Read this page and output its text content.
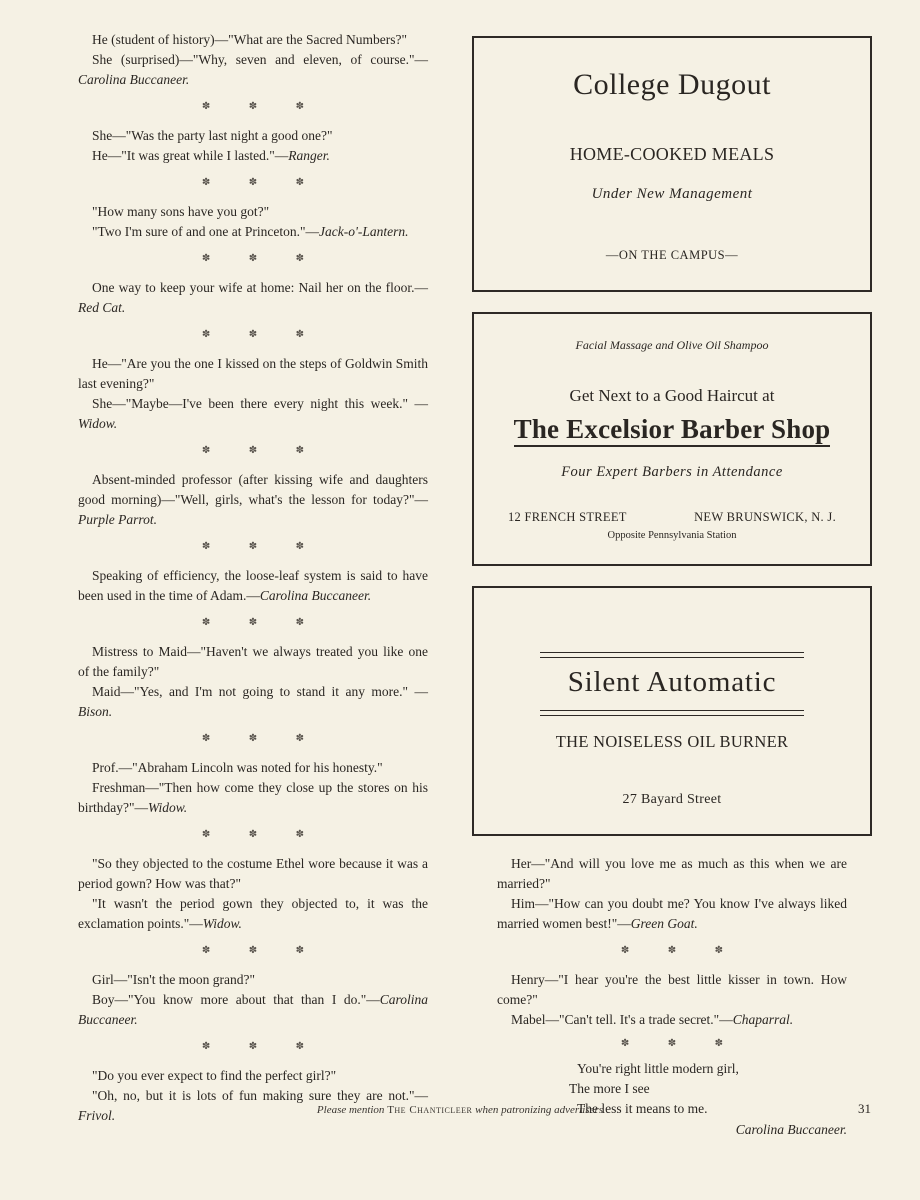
He (student of history)—"What are the Sacred Numbers?"

She (surprised)—"Why, seven and eleven, of course."—Carolina Buccaneer.

✽ ✽ ✽

She—"Was the party last night a good one?"

He—"It was great while I lasted."—Ranger.

✽ ✽ ✽

"How many sons have you got?"

"Two I'm sure of and one at Princeton."—Jack-o'-Lantern.

✽ ✽ ✽

One way to keep your wife at home: Nail her on the floor.—Red Cat.

✽ ✽ ✽

He—"Are you the one I kissed on the steps of Goldwin Smith last evening?"

She—"Maybe—I've been there every night this week." —Widow.

✽ ✽ ✽

Absent-minded professor (after kissing wife and daughters good morning)—"Well, girls, what's the lesson for today?"—Purple Parrot.

✽ ✽ ✽

Speaking of efficiency, the loose-leaf system is said to have been used in the time of Adam.—Carolina Buccaneer.

✽ ✽ ✽

Mistress to Maid—"Haven't we always treated you like one of the family?"

Maid—"Yes, and I'm not going to stand it any more." —Bison.

✽ ✽ ✽

Prof.—"Abraham Lincoln was noted for his honesty."

Freshman—"Then how come they close up the stores on his birthday?"—Widow.

✽ ✽ ✽

"So they objected to the costume Ethel wore because it was a period gown? How was that?"

"It wasn't the period gown they objected to, it was the exclamation points."—Widow.

✽ ✽ ✽

Girl—"Isn't the moon grand?"

Boy—"You know more about that than I do."—Carolina Buccaneer.

✽ ✽ ✽

"Do you ever expect to find the perfect girl?"

"Oh, no, but it is lots of fun making sure they are not."—Frivol.

College Dugout
HOME-COOKED MEALS
Under New Management
—ON THE CAMPUS—
Facial Massage and Olive Oil Shampoo
Get Next to a Good Haircut at
The Excelsior Barber Shop
Four Expert Barbers in Attendance
12 FRENCH STREET	NEW BRUNSWICK, N. J.
Opposite Pennsylvania Station
Silent Automatic
THE NOISELESS OIL BURNER
27 Bayard Street

Her—"And will you love me as much as this when we are married?"

Him—"How can you doubt me? You know I've always liked married women best!"—Green Goat.

✽ ✽ ✽

Henry—"I hear you're the best little kisser in town. How come?"

Mabel—"Can't tell. It's a trade secret."—Chaparral.

✽ ✽ ✽

You're right little modern girl,

The more I see

The less it means to me.

Carolina Buccaneer.
Please mention The Chanticleer when patronizing advertisers	31
